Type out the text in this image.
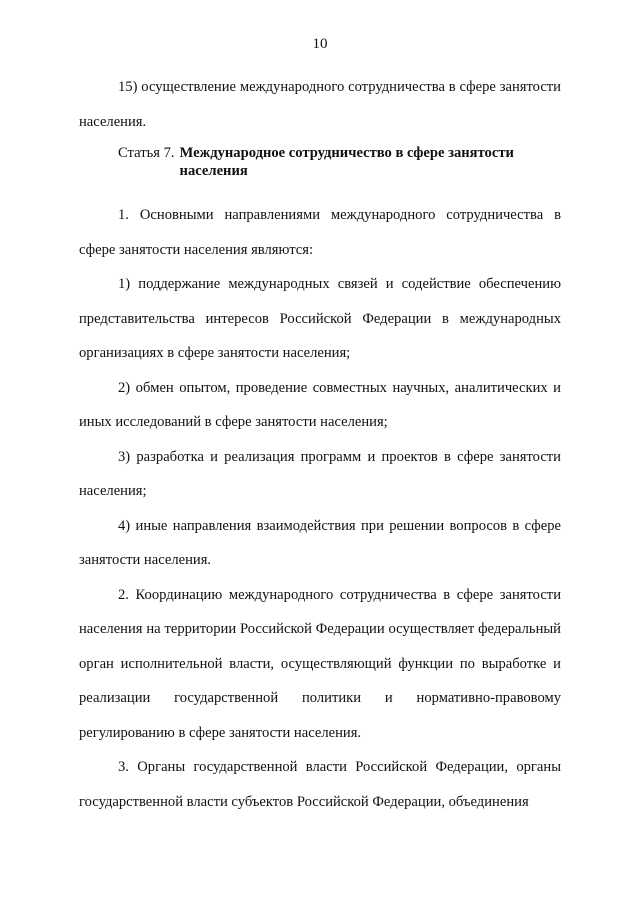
10

15) осуществление международного сотрудничества в сфере занятости населения.

Статья 7. Международное сотрудничество в сфере занятости населения

1. Основными направлениями международного сотрудничества в сфере занятости населения являются:

1) поддержание международных связей и содействие обеспечению представительства интересов Российской Федерации в международных организациях в сфере занятости населения;

2) обмен опытом, проведение совместных научных, аналитических и иных исследований в сфере занятости населения;

3) разработка и реализация программ и проектов в сфере занятости населения;

4) иные направления взаимодействия при решении вопросов в сфере занятости населения.

2. Координацию международного сотрудничества в сфере занятости населения на территории Российской Федерации осуществляет федеральный орган исполнительной власти, осуществляющий функции по выработке и реализации государственной политики и нормативно-правовому регулированию в сфере занятости населения.

3. Органы государственной власти Российской Федерации, органы государственной власти субъектов Российской Федерации, объединения
